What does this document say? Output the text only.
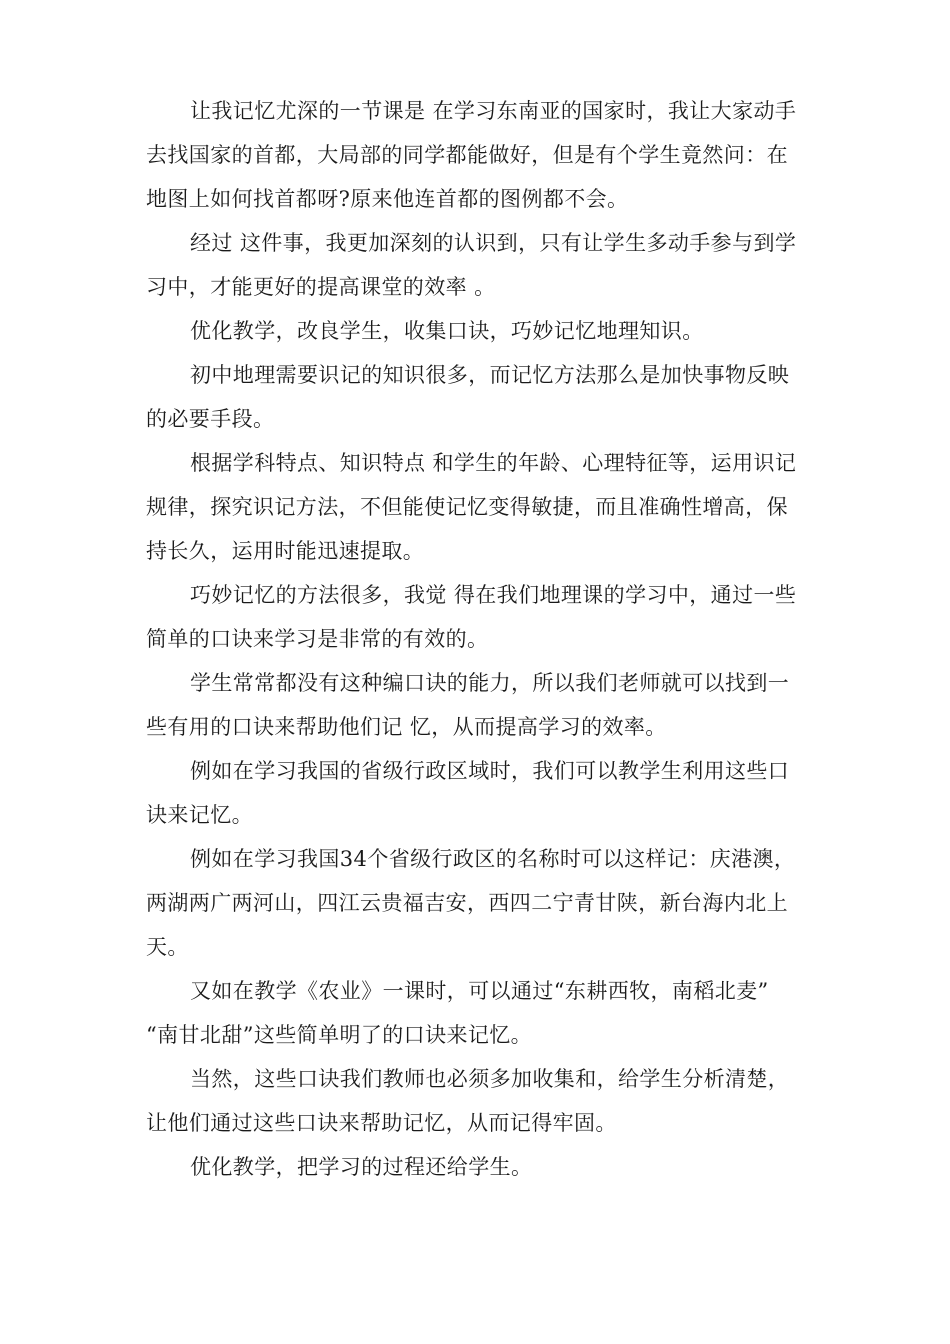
让我记忆尤深的一节课是 在学习东南亚的国家时，我让大家动手去找国家的首都，大局部的同学都能做好，但是有个学生竟然问：在地图上如何找首都呀?原来他连首都的图例都不会。

经过 这件事，我更加深刻的认识到，只有让学生多动手参与到学习中，才能更好的提高课堂的效率 。

优化教学，改良学生，收集口诀，巧妙记忆地理知识。

初中地理需要识记的知识很多，而记忆方法那么是加快事物反映的必要手段。

根据学科特点、知识特点 和学生的年龄、心理特征等，运用识记规律，探究识记方法，不但能使记忆变得敏捷，而且准确性增高，保持长久，运用时能迅速提取。

巧妙记忆的方法很多，我觉 得在我们地理课的学习中，通过一些简单的口诀来学习是非常的有效的。

学生常常都没有这种编口诀的能力，所以我们老师就可以找到一些有用的口诀来帮助他们记 忆，从而提高学习的效率。

例如在学习我国的省级行政区域时，我们可以教学生利用这些口诀来记忆。

例如在学习我国34个省级行政区的名称时可以这样记：庆港澳，两湖两广两河山，四江云贵福吉安，西四二宁青甘陕，新台海内北上天。

又如在教学《农业》一课时，可以通过“东耕西牧，南稻北麦” “南甘北甜”这些简单明了的口诀来记忆。

当然，这些口诀我们教师也必须多加收集和，给学生分析清楚，让他们通过这些口诀来帮助记忆，从而记得牢固。

优化教学，把学习的过程还给学生。
